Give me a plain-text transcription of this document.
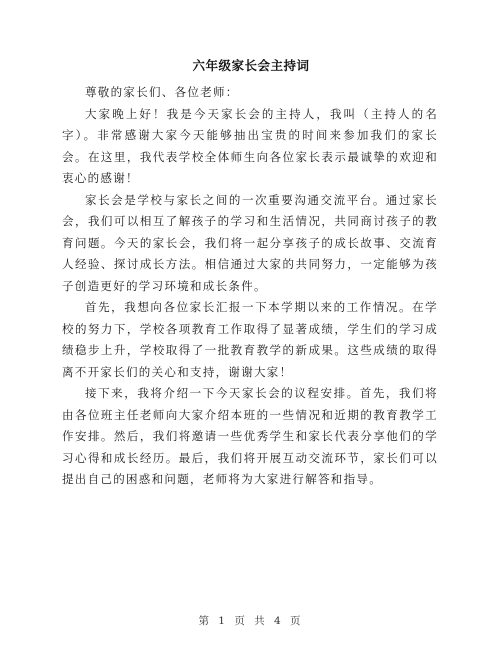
六年级家长会主持词

尊敬的家长们、各位老师：

大家晚上好！我是今天家长会的主持人，我叫（主持人的名字）。非常感谢大家今天能够抽出宝贵的时间来参加我们的家长会。在这里，我代表学校全体师生向各位家长表示最诚挚的欢迎和衷心的感谢！

家长会是学校与家长之间的一次重要沟通交流平台。通过家长会，我们可以相互了解孩子的学习和生活情况，共同商讨孩子的教育问题。今天的家长会，我们将一起分享孩子的成长故事、交流育人经验、探讨成长方法。相信通过大家的共同努力，一定能够为孩子创造更好的学习环境和成长条件。

首先，我想向各位家长汇报一下本学期以来的工作情况。在学校的努力下，学校各项教育工作取得了显著成绩，学生们的学习成绩稳步上升，学校取得了一批教育教学的新成果。这些成绩的取得离不开家长们的关心和支持，谢谢大家！

接下来，我将介绍一下今天家长会的议程安排。首先，我们将由各位班主任老师向大家介绍本班的一些情况和近期的教育教学工作安排。然后，我们将邀请一些优秀学生和家长代表分享他们的学习心得和成长经历。最后，我们将开展互动交流环节，家长们可以提出自己的困惑和问题，老师将为大家进行解答和指导。

第 1 页 共 4 页
